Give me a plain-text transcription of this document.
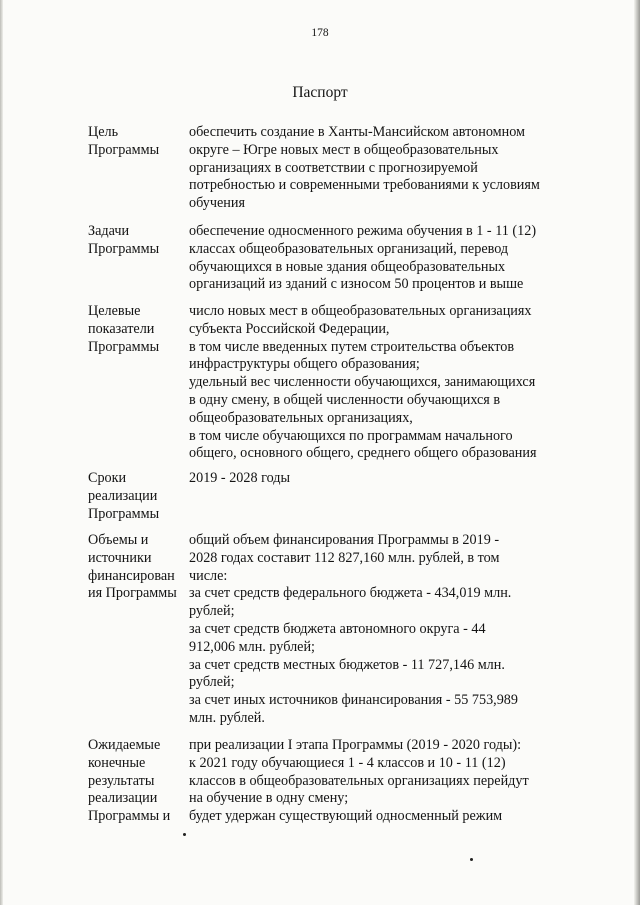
178
Паспорт
Цель
Программы
обеспечить создание в Ханты-Мансийском автономном
округе – Югре новых мест в общеобразовательных
организациях в соответствии с прогнозируемой
потребностью и современными требованиями к условиям
обучения
Задачи
Программы
обеспечение односменного режима обучения в 1 - 11 (12)
классах общеобразовательных организаций, перевод
обучающихся в новые здания общеобразовательных
организаций из зданий с износом 50 процентов и выше
Целевые
показатели
Программы
число новых мест в общеобразовательных организациях
субъекта Российской Федерации,
в том числе введенных путем строительства объектов
инфраструктуры общего образования;
удельный вес численности обучающихся, занимающихся
в одну смену, в общей численности обучающихся в
общеобразовательных организациях,
в том числе обучающихся по программам начального
общего, основного общего, среднего общего образования
Сроки
реализации
Программы
2019 - 2028 годы
Объемы и
источники
финансирован
ия Программы
общий объем финансирования Программы в 2019 -
2028 годах составит 112 827,160 млн. рублей, в том
числе:
за счет средств федерального бюджета - 434,019 млн.
рублей;
за счет средств бюджета автономного округа - 44
912,006 млн. рублей;
за счет средств местных бюджетов - 11 727,146 млн.
рублей;
за счет иных источников финансирования - 55 753,989
млн. рублей.
Ожидаемые
конечные
результаты
реализации
Программы и
при реализации I этапа Программы (2019 - 2020 годы):
к 2021 году обучающиеся 1 - 4 классов и 10 - 11 (12)
классов в общеобразовательных организациях перейдут
на обучение в одну смену;
будет удержан существующий односменный режим
